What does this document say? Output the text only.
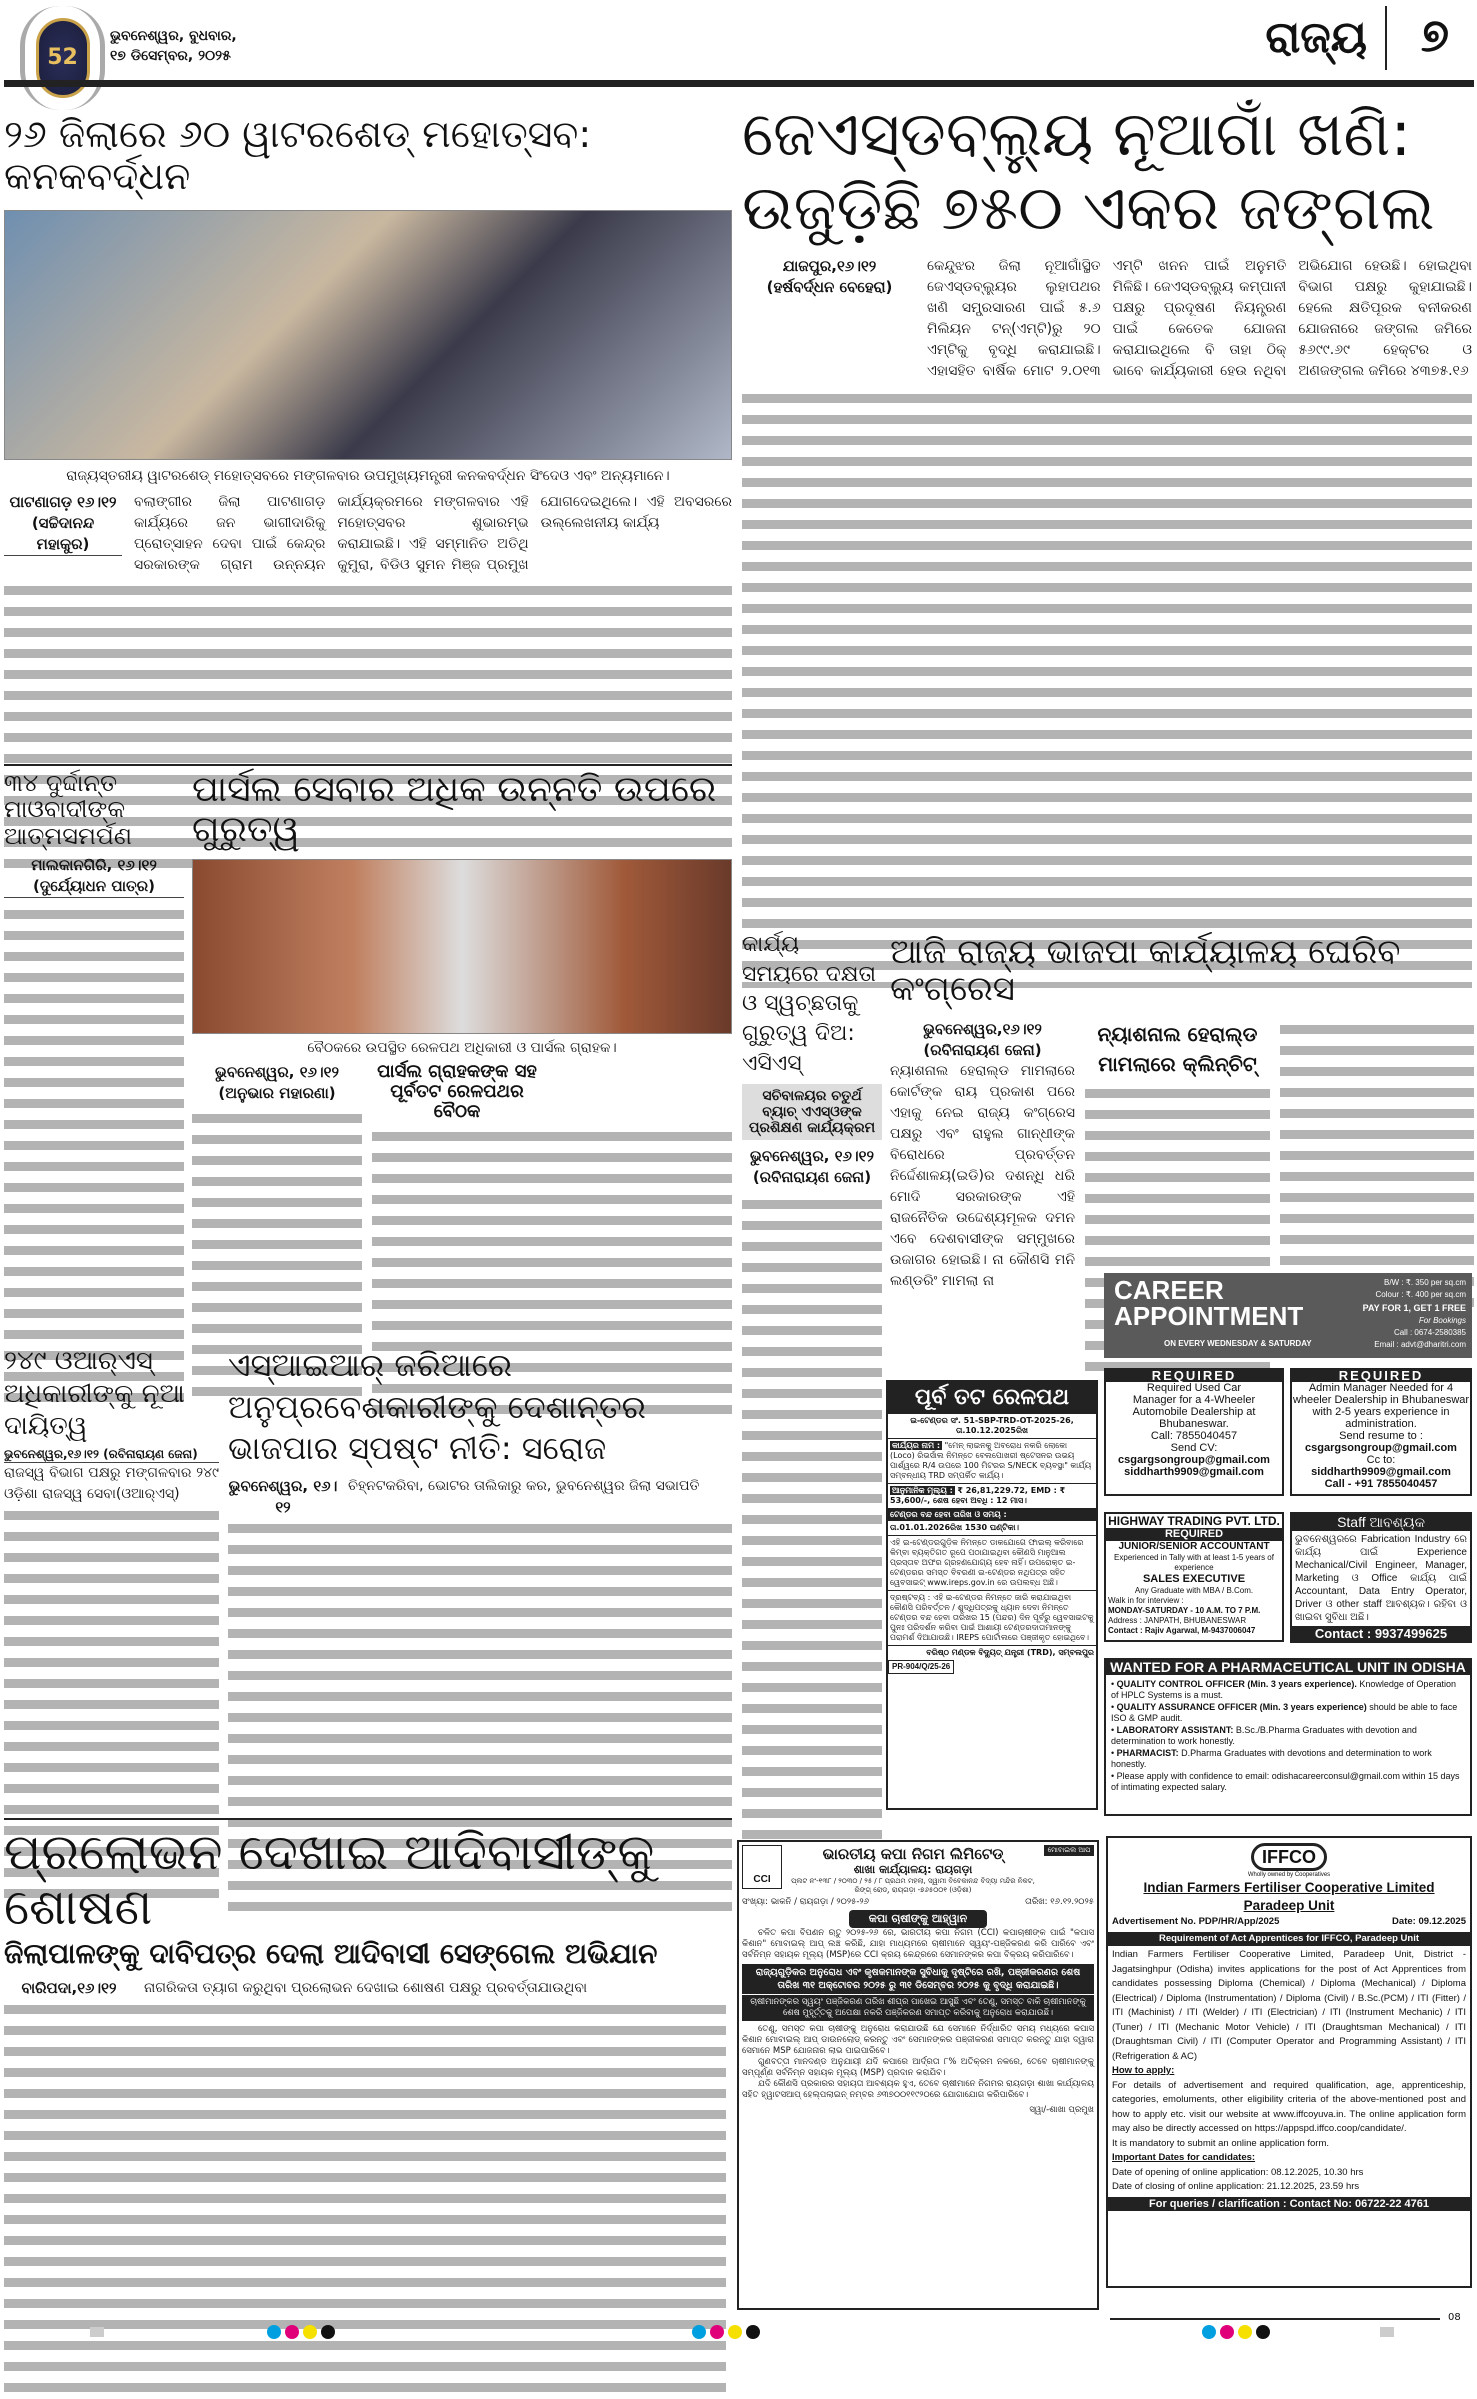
52
ଭୁବନେଶ୍ୱର, ବୁଧବାର,
୧୭ ଡିସେମ୍ବର, ୨୦୨୫	ରାଜ୍ୟ ୭
୨୬ ଜିଲାରେ ୬୦ ୱାଟରଶେଡ୍ ମହୋତ୍ସବ: କନକବର୍ଦ୍ଧନ
ରାଜ୍ୟସ୍ତରୀୟ ୱାଟରଶେଡ୍ ମହୋତ୍ସବରେ ମଙ୍ଗଳବାର ଉପମୁଖ୍ୟମନ୍ତ୍ରୀ କନକବର୍ଦ୍ଧନ ସିଂଦେଓ ଏବଂ ଅନ୍ୟମାନେ।
ପାଟଣାଗଡ଼ ୧୬।୧୨
(ସଚ୍ଚିଦାନନ୍ଦ ମହାକୁର)
ବଲାଙ୍ଗୀର ଜିଲା ପାଟଣାଗଡ଼ କାର୍ଯ୍ୟରେ ଜନ ଭାଗୀଦାରିକୁ ପ୍ରୋତ୍ସାହନ ଦେବା ପାଇଁ କେନ୍ଦ୍ର ସରକାରଙ୍କ ଗ୍ରାମ ଉନ୍ନୟନ କାର୍ଯ୍ୟକ୍ରମରେ ମଙ୍ଗଳବାର ଏହି ମହୋତ୍ସବର ଶୁଭାରମ୍ଭ କରାଯାଇଛି। ଏହି ସମ୍ମାନିତ ଅତିଥି କୁମୁରା, ବିଡିଓ ସୁମନ ମିଞ୍ଜ ପ୍ରମୁଖ ଯୋଗଦେଇଥିଲେ। ଏହି ଅବସରରେ ଉଲ୍ଲେଖନୀୟ କାର୍ଯ୍ୟ
ଜେଏସ୍‌ଡବ୍ଲ୍ୟୁ ନୂଆଗାଁ ଖଣି:
ଉଜୁଡ଼ିଛି ୭୫୦ ଏକର ଜଙ୍ଗଲ
ଯାଜପୁର,୧୬।୧୨
(ହର୍ଷବର୍ଦ୍ଧନ ବେହେରା)
କେନ୍ଦୁଝର ଜିଲା ନୂଆଗାଁସ୍ଥିତ ଜେଏସ୍‌ଡବ୍ଲ୍ୟୁର ଲୁହାପଥର ଖଣି ସମ୍ପ୍ରସାରଣ ପାଇଁ ୫.୬ ମିଲିୟନ ଟନ୍(ଏମ୍‌ଟି)ରୁ ୨୦ ଏମ୍‌ଟିକୁ ବୃଦ୍ଧି କରାଯାଇଛି। ଏହାସହିତ ବାର୍ଷିକ ମୋଟ ୨.୦୧୩ ଏମ୍‌ଟି ଖନନ ପାଇଁ ଅନୁମତି ମିଳିଛି। ଜେଏସ୍‌ଡବ୍ଲ୍ୟୁ କମ୍ପାନୀ ପକ୍ଷରୁ ପ୍ରଦୂଷଣ ନିୟନ୍ତ୍ରଣ ପାଇଁ କେତେକ ଯୋଜନା କରାଯାଇଥିଲେ ବି ତାହା ଠିକ୍ ଭାବେ କାର୍ଯ୍ୟକାରୀ ହେଉ ନଥିବା ଅଭିଯୋଗ ହେଉଛି। ହୋଇଥିବା ବିଭାଗ ପକ୍ଷରୁ କୁହାଯାଇଛି। ହେଲେ କ୍ଷତିପୂରକ ବନୀକରଣ ଯୋଜନାରେ ଜଙ୍ଗଲ ଜମିରେ ୫୬୯୯.୬୯ ହେକ୍ଟର ଓ ଅଣଜଙ୍ଗଲ ଜମିରେ ୪୩୭୫.୧୬
୩୪ ଦୁର୍ଦ୍ଦାନ୍ତ ମାଓବାଦୀଙ୍କ ଆତ୍ମସମର୍ପଣ
ମାଲକାନଗିରି, ୧୬।୧୨
(ଦୁର୍ଯ୍ୟୋଧନ ପାତ୍ର)
ପାର୍ସଲ ସେବାର ଅଧିକ ଉନ୍ନତି ଉପରେ ଗୁରୁତ୍ୱ
ବୈଠକରେ ଉପସ୍ଥିତ ରେଳପଥ ଅଧିକାରୀ ଓ ପାର୍ସଲ ଗ୍ରାହକ।
ଭୁବନେଶ୍ୱର, ୧୬।୧୨
(ଅନୁଭାର ମହାରଣା)
ପାର୍ସଲ ଗ୍ରାହକଙ୍କ ସହ ପୂର୍ବତଟ ରେଳପଥର ବୈଠକ
କାର୍ଯ୍ୟ ସମୟରେ ଦକ୍ଷତା ଓ ସ୍ୱଚ୍ଛତାକୁ ଗୁରୁତ୍ୱ ଦିଅ: ଏସିଏସ୍
ସଚିବାଳୟର ଚତୁର୍ଥ ବ୍ୟାଚ୍ ଏଏସ୍‌ଓଙ୍କ ପ୍ରଶିକ୍ଷଣ କାର୍ଯ୍ୟକ୍ରମ
ଭୁବନେଶ୍ୱର, ୧୬।୧୨
(ରବିନାରାୟଣ ଜେନା)
ଆଜି ରାଜ୍ୟ ଭାଜପା କାର୍ଯ୍ୟାଳୟ ଘେରିବ କଂଗ୍ରେସ
ଭୁବନେଶ୍ୱର,୧୬।୧୨
(ରବିନାରାୟଣ ଜେନା)
ନ୍ୟାଶନାଲ ହେରାଲ୍ଡ ମାମଲାରେ କୋର୍ଟଙ୍କ ରାୟ ପ୍ରକାଶ ପରେ ଏହାକୁ ନେଇ ରାଜ୍ୟ କଂଗ୍ରେସ ପକ୍ଷରୁ ଏବଂ ରାହୁଲ ଗାନ୍ଧୀଙ୍କ ବିରୋଧରେ ପ୍ରବର୍ତ୍ତନ ନିର୍ଦ୍ଦେଶାଳୟ(ଇଡି)ର ଦଶନ୍ଧି ଧରି ମୋଦି ସରକାରଙ୍କ ଏହି ରାଜନୈତିକ ଉଦ୍ଦେଶ୍ୟମୂଳକ ଦମନ ଏବେ ଦେଶବାସୀଙ୍କ ସମ୍ମୁଖରେ ଉଜାଗର ହୋଇଛି। ନା କୌଣସି ମନି ଲଣ୍ଡରିଂ ମାମଲା ନା
ନ୍ୟାଶନାଲ ହେରାଲ୍ଡ ମାମଲାରେ କ୍ଲିନ୍‌ଚିଟ୍
CAREER
APPOINTMENT
ON EVERY WEDNESDAY & SATURDAY
B/W : ₹. 350 per sq.cm
Colour : ₹. 400 per sq.cm
PAY FOR 1, GET 1 FREE
For Bookings
Call : 0674-2580385
Email : advt@dharitri.com
REQUIRED
Required Used Car
Manager for a 4-Wheeler
Automobile Dealership at
Bhubaneswar.
Call: 7855040457
Send CV:
csgargsongroup@gmail.com
siddharth9909@gmail.com
REQUIRED
Admin Manager Needed for 4 wheeler Dealership in Bhubaneswar with 2-5 years experience in administration.
Send resume to :
csgargsongroup@gmail.com
Cc to:
siddharth9909@gmail.com
Call - +91 7855040457
HIGHWAY TRADING PVT. LTD.
REQUIRED
JUNIOR/SENIOR ACCOUNTANT
Experienced in Tally with at least 1-5 years of experience
SALES EXECUTIVE
Any Graduate with MBA / B.Com.
Walk in for interview :
MONDAY-SATURDAY - 10 A.M. TO 7 P.M.
Address : JANPATH, BHUBANESWAR
Contact : Rajiv Agarwal, M-9437006047
Staff ଆବଶ୍ୟକ
ଭୁବନେଶ୍ୱରରେ Fabrication Industry ରେ କାର୍ଯ୍ୟ ପାଇଁ Experience Mechanical/Civil Engineer, Manager, Marketing ଓ Office କାର୍ଯ୍ୟ ପାଇଁ Accountant, Data Entry Operator, Driver ଓ other staff ଆବଶ୍ୟକ। ରହିବା ଓ ଖାଇବା ସୁବିଧା ଅଛି।
Contact : 9937499625
WANTED FOR A PHARMACEUTICAL UNIT IN ODISHA
• QUALITY CONTROL OFFICER (Min. 3 years experience). Knowledge of Operation of HPLC Systems is a must.
• QUALITY ASSURANCE OFFICER (Min. 3 years experience) should be able to face ISO & GMP audit.
• LABORATORY ASSISTANT: B.Sc./B.Pharma Graduates with devotion and determination to work honestly.
• PHARMACIST: D.Pharma Graduates with devotions and determination to work honestly.
• Please apply with confidence to email: odishacareerconsul@gmail.com within 15 days of intimating expected salary.
ପୂର୍ବ ତଟ ରେଳପଥ
ଇ-ଟେଣ୍ଡର ସଂ. 51-SBP-TRD-OT-2025-26, ତା.10.12.2025ରିଖ
କାର୍ଯ୍ୟର ନାମ : "ମେନ୍ ଲାଇନକୁ ଅବରୋଧ ନକରି ଲୋକୋ (Loco) ରିଭର୍ସାଲ ନିମନ୍ତେ ବେଲପୋଖରୀ ଷ୍ଟେସନର ଉଭୟ ପାର୍ଶ୍ୱରେ R/4 ଉପରେ 100 ମିଟରର S/NECK ବ୍ୟବସ୍ଥା" କାର୍ଯ୍ୟ ସମ୍ବନ୍ଧୀୟ TRD ସମ୍ପର୍କିତ କାର୍ଯ୍ୟ।
ଆନୁମାନିକ ମୂଲ୍ୟ : ₹ 26,81,229.72, EMD : ₹ 53,600/-, ଶେଷ ହେବା ଅବଧି : 12 ମାସ।
ଟେଣ୍ଡର ବନ୍ଦ ହେବା ତାରିଖ ଓ ସମୟ :
ତା.01.01.2026ରିଖ 1530 ଘଣ୍ଟିକା।
ଏହି ଇ-ଟେଣ୍ଡରଗୁଡ଼ିକ ନିମନ୍ତେ ଡାକଯୋଗେ ଫାଇଲ୍ କରିବାରେ କିମ୍ବା ବ୍ୟକ୍ତିଗତ ରୂପେ ପଠାଯାଇଥିବା କୌଣସି ମାନୁଆଲ ପ୍ରସ୍ତାବ ଅଫର ଗ୍ରହଣଯୋଗ୍ୟ ହେବ ନାହିଁ। ଉପରୋକ୍ତ ଇ-ଟେଣ୍ଡରର ସମସ୍ତ ବିବରଣୀ ଇ-ଟେଣ୍ଡର ନଥିପତ୍ର ସହିତ ୱେବସାଇଟ୍ www.ireps.gov.in ରେ ଉପଲବ୍ଧ ଅଛି।
ଦ୍ରଷ୍ଟବ୍ୟ : ଏହି ଇ-ଟେଣ୍ଡର ନିମନ୍ତେ ଜାରି କରାଯାଇଥିବା କୌଣସି ପରିବର୍ତ୍ତନ / ଶୁଦ୍ଧିପତ୍ରକୁ ଧ୍ୟାନ ଦେବା ନିମନ୍ତେ ଟେଣ୍ଡର ବନ୍ଦ ହେବା ତାରିଖର 15 (ପନ୍ଦର) ଦିନ ପୂର୍ବରୁ ୱେବସାଇଟକୁ ପୁନଃ ପରିଦର୍ଶନ କରିବା ପାଇଁ ଆଶାୟୀ ଟେଣ୍ଡରଦାତାମାନଙ୍କୁ ପରାମର୍ଶ ଦିଆଯାଉଛି। IREPS ପୋର୍ଟାଲରେ ପଞ୍ଜୀକୃତ ହୋଇଥିବେ।
ବରିଷ୍ଠ ମଣ୍ଡଳ ବିଦ୍ୟୁତ୍ ଯନ୍ତ୍ରୀ (TRD), ସମ୍ବଲପୁର
PR-904/Q/25-26
୨୪୯ ଓଆର୍‌ଏସ୍ ଅଧିକାରୀଙ୍କୁ ନୂଆ ଦାୟିତ୍ୱ
ଭୁବନେଶ୍ୱର,୧୬।୧୨ (ରବିନାରାୟଣ ଜେନା)
ରାଜସ୍ୱ ବିଭାଗ ପକ୍ଷରୁ ମଙ୍ଗଳବାର ୨୪୯ ଓଡ଼ିଶା ରାଜସ୍ୱ ସେବା(ଓଆର୍‌ଏସ୍)
ଏସ୍‌ଆଇଆର୍ ଜରିଆରେ ଅନୁପ୍ରବେଶକାରୀଙ୍କୁ ଦେଶାନ୍ତର ଭାଜପାର ସ୍ପଷ୍ଟ ନୀତି: ସରୋଜ
ଭୁବନେଶ୍ୱର, ୧୬।୧୨
ଚିହ୍ନଟକରିବା, ଭୋଟର ତାଲିକାରୁ କର, ଭୁବନେଶ୍ୱର ଜିଲା ସଭାପତି
ପ୍ରଲୋଭନ ଦେଖାଇ ଆଦିବାସୀଙ୍କୁ ଶୋଷଣ
ଜିଲାପାଳଙ୍କୁ ଦାବିପତ୍ର ଦେଲା ଆଦିବାସୀ ସେଙ୍ଗେଲ ଅଭିଯାନ
ବାରିପଦା,୧୬।୧୨	ନାଗରିକତା ତ୍ୟାଗ କରୁଥିବା ପ୍ରଲୋଭନ ଦେଖାଇ ଶୋଷଣ ପକ୍ଷରୁ ପ୍ରବର୍ତ୍ତାଯାଉଥିବା
CCI
ଭାରତୀୟ କପା ନିଗମ ଲିମିଟେଡ୍
ଶାଖା କାର୍ଯ୍ୟାଳୟ: ରାୟଗଡ଼ା
ପ୍ଲଟ ନଂ-୧୩୮ / ୨୦୩୦ / ୨୫ / ୮ ପ୍ରଥମ ମହଲା, ସ୍ୱାମୀ ବିବେକାନନ୍ଦ ବିଦ୍ୟା ମନ୍ଦିର ନିକଟ, ରିଙ୍ଗ୍ ରୋଡ୍, ରାୟଗଡ଼ା -୭୬୫୦୦୧ (ଓଡ଼ିଶା)
ମୋବାଇଲ ଆପ
ସଂଖ୍ୟା: ଭାକନି / ରାୟଗଡ଼ା / ୨୦୨୫-୨୬	ତାରିଖ: ୧୬.୧୨.୨୦୨୫
କପା ଚାଷୀଙ୍କୁ ଆହ୍ୱାନ
ଚଳିତ କପା ବିପଣନ ଋତୁ ୨୦୨୫-୨୬ ରେ, ଭାରତୀୟ କପା ନିଗମ (CCI) କପାଚାଷୀଙ୍କ ପାଇଁ "କପାସ କିଶାନ" ମୋବାଇଲ୍ ଆପ୍ ଲଞ୍ଚ କରିଛି, ଯାହା ମାଧ୍ୟମରେ ଚାଷୀମାନେ ସ୍ୱୟଂ-ପଞ୍ଜିକରଣ କରି ପାରିବେ ଏବଂ ସର୍ବନିମ୍ନ ସହାୟକ ମୂଲ୍ୟ (MSP)ରେ CCI କ୍ରୟ କେନ୍ଦ୍ରରେ ସେମାନଙ୍କର କପା ବିକ୍ରୟ କରିପାରିବେ।
ରାଜ୍ୟଗୁଡ଼ିକର ଅନୁରୋଧ ଏବଂ କୃଷକମାନଙ୍କ ସୁବିଧାକୁ ଦୃଷ୍ଟିରେ ରଖି, ପଞ୍ଜୀକରଣର ଶେଷ ତାରିଖ ୩୧ ଅକ୍ଟୋବର ୨୦୨୫ ରୁ ୩୧ ଡିସେମ୍ବର ୨୦୨୫ କୁ ବୃଦ୍ଧି କରାଯାଇଛି।
ଚାଷୀମାନଙ୍କର ସ୍ୱୟଂ ପଞ୍ଜିକରଣ ତାରିଖ ଶୀଘ୍ର ପାଖେଇ ଆସୁଛି ଏବଂ ତେଣୁ, ସମସ୍ତ ବାକି ଚାଷୀମାନଙ୍କୁ ଶେଷ ମୁହୂର୍ତ୍ତକୁ ଅପେକ୍ଷା ନକରି ପଞ୍ଜିକରଣ ସମାପ୍ତ କରିବାକୁ ଅନୁରୋଧ କରାଯାଉଛି।
ତେଣୁ, ସମସ୍ତ କପା ଚାଷୀଙ୍କୁ ଅନୁରୋଧ କରାଯାଉଛି ଯେ ସେମାନେ ନିର୍ଦ୍ଧାରିତ ସମୟ ମଧ୍ୟରେ କପାସ କିଶାନ ମୋବାଇଲ୍ ଆପ୍ ଡାଉନଲୋଡ୍ କରନ୍ତୁ ଏବଂ ସେମାନଙ୍କର ପଞ୍ଜୀକରଣ ସମାପ୍ତ କରନ୍ତୁ ଯାହା ଦ୍ୱାରା ସେମାନେ MSP ଯୋଜନାର ଲାଭ ପାଇପାରିବେ।
ଗୁଣବତ୍ତା ମାନଦଣ୍ଡ ଅନୁଯାୟୀ ଯଦି କପାରେ ଆର୍ଦ୍ରତା ୮% ଅତିକ୍ରମ ନକରେ, ତେବେ ଚାଷୀମାନଙ୍କୁ ସମ୍ପୂର୍ଣ୍ଣ ସର୍ବନିମ୍ନ ସହାୟକ ମୂଲ୍ୟ (MSP) ପ୍ରଦାନ କରାଯିବ।
ଯଦି କୌଣସି ପ୍ରକାରର ସହାୟତା ଆବଶ୍ୟକ ହୁଏ, ତେବେ ଚାଷୀମାନେ ନିଗମର ରାୟଗଡ଼ା ଶାଖା କାର୍ଯ୍ୟାଳୟ ସହିତ ହ୍ୱାଟସଆପ୍ ହେଲ୍ପଲାଇନ୍ ନମ୍ବର ୬୩୭୦୦୧୧୯୨୦ରେ ଯୋଗାଯୋଗ କରିପାରିବେ।
ସ୍ୱା/-ଶାଖା ପ୍ରମୁଖ
IFFCO
Wholly owned by Cooperatives
Indian Farmers Fertiliser Cooperative Limited
Paradeep Unit
Advertisement No. PDP/HR/App/2025	Date: 09.12.2025
Requirement of Act Apprentices for IFFCO, Paradeep Unit
Indian Farmers Fertiliser Cooperative Limited, Paradeep Unit, District - Jagatsinghpur (Odisha) invites applications for the post of Act Apprentices from candidates possessing Diploma (Chemical) / Diploma (Mechanical) / Diploma (Electrical) / Diploma (Instrumentation) / Diploma (Civil) / B.Sc.(PCM) / ITI (Fitter) / ITI (Machinist) / ITI (Welder) / ITI (Electrician) / ITI (Instrument Mechanic) / ITI (Tuner) / ITI (Mechanic Motor Vehicle) / ITI (Draughtsman Mechanical) / ITI (Draughtsman Civil) / ITI (Computer Operator and Programming Assistant) / ITI (Refrigeration & AC)
How to apply:
For details of advertisement and required qualification, age, apprenticeship, categories, emoluments, other eligibility criteria of the above-mentioned post and how to apply etc. visit our website at www.iffcoyuva.in. The online application form may also be directly accessed on https://appspd.iffco.coop/candidate/.
It is mandatory to submit an online application form.
Important Dates for candidates:
Date of opening of online application: 08.12.2025, 10.30 hrs
Date of closing of online application: 21.12.2025, 23.59 hrs
For queries / clarification : Contact No: 06722-22 4761
08
